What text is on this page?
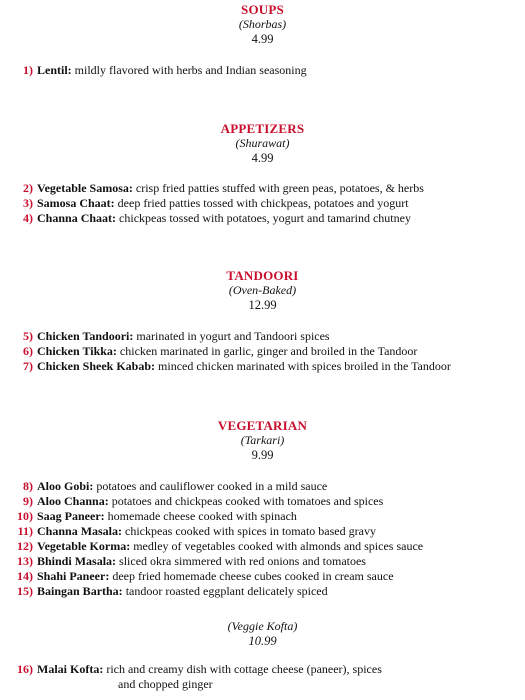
SOUPS
(Shorbas)
4.99
1) Lentil: mildly flavored with herbs and Indian seasoning
APPETIZERS
(Shurawat)
4.99
2) Vegetable Samosa: crisp fried patties stuffed with green peas, potatoes, & herbs
3) Samosa Chaat: deep fried patties tossed with chickpeas, potatoes and yogurt
4) Channa Chaat: chickpeas tossed with potatoes, yogurt and tamarind chutney
TANDOORI
(Oven-Baked)
12.99
5) Chicken Tandoori: marinated in yogurt and Tandoori spices
6) Chicken Tikka: chicken marinated in garlic, ginger and broiled in the Tandoor
7) Chicken Sheek Kabab: minced chicken marinated with spices broiled in the Tandoor
VEGETARIAN
(Tarkari)
9.99
8) Aloo Gobi: potatoes and cauliflower cooked in a mild sauce
9) Aloo Channa: potatoes and chickpeas cooked with tomatoes and spices
10) Saag Paneer: homemade cheese cooked with spinach
11) Channa Masala: chickpeas cooked with spices in tomato based gravy
12) Vegetable Korma: medley of vegetables cooked with almonds and spices sauce
13) Bhindi Masala: sliced okra simmered with red onions and tomatoes
14) Shahi Paneer: deep fried homemade cheese cubes cooked in cream sauce
15) Baingan Bartha: tandoor roasted eggplant delicately spiced
(Veggie Kofta)
10.99
16) Malai Kofta: rich and creamy dish with cottage cheese (paneer), spices
and chopped ginger
